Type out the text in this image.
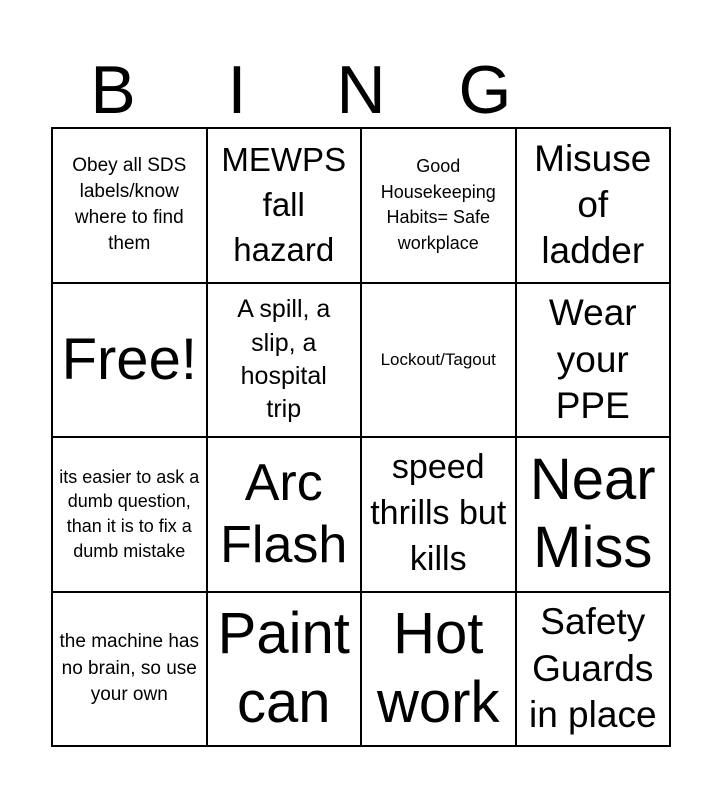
B	I	N	G
Obey all SDS labels/know where to find them
MEWPS fall hazard
Good Housekeeping Habits= Safe workplace
Misuse of ladder
Free!
A spill, a slip, a hospital trip
Lockout/Tagout
Wear your PPE
its easier to ask a dumb question, than it is to fix a dumb mistake
Arc Flash
speed thrills but kills
Near Miss
the machine has no brain, so use your own
Paint can
Hot work
Safety Guards in place
